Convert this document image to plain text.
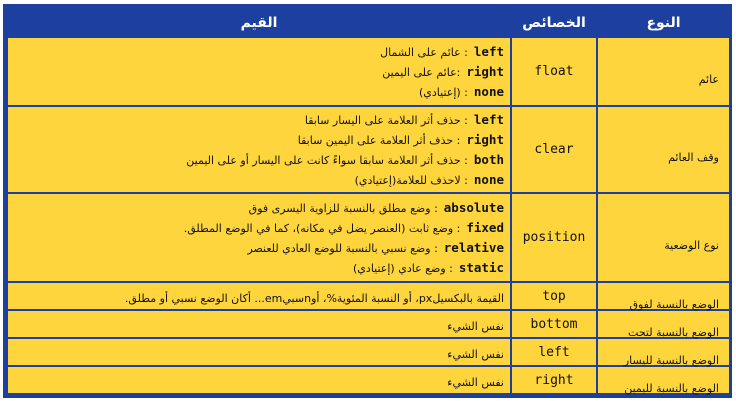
النوع	الخصائص	القيم
عائم	float	left: عائم على الشمال
right:عائم على اليمين
none: (إعتيادي)

وقف العائم	clear	left: حذف أثر العلامة على اليسار سابقا
right: حذف أثر العلامة على اليمين سابقا
both: حذف أثر العلامة سابقا سواءً كانت على اليسار أو على اليمين
none: لاحذف للعلامة(إعتيادي)

نوع الوضعية	position	absolute: وضع مطلق بالنسبة للزاوية اليسرى فوق
fixed: وضع ثابت (العنصر يضل في مكانه)، كما في الوضع المطلق.
relative: وضع نسبي بالنسبة للوضع العادي للعنصر
static: وضع عادي (إعتيادي)

الوضع بالنسبة لفوق	top	القيمة بالبكسيلpx، أو النسبة المئوية%، أوnسبيem... أكان الوضع نسبي أو مطلق.
الوضع بالنسبة لتحت	bottom	نفس الشيء
الوضع بالنسبة لليسار	left	نفس الشيء
الوضع بالنسبة لليمين	right	نفس الشيء
